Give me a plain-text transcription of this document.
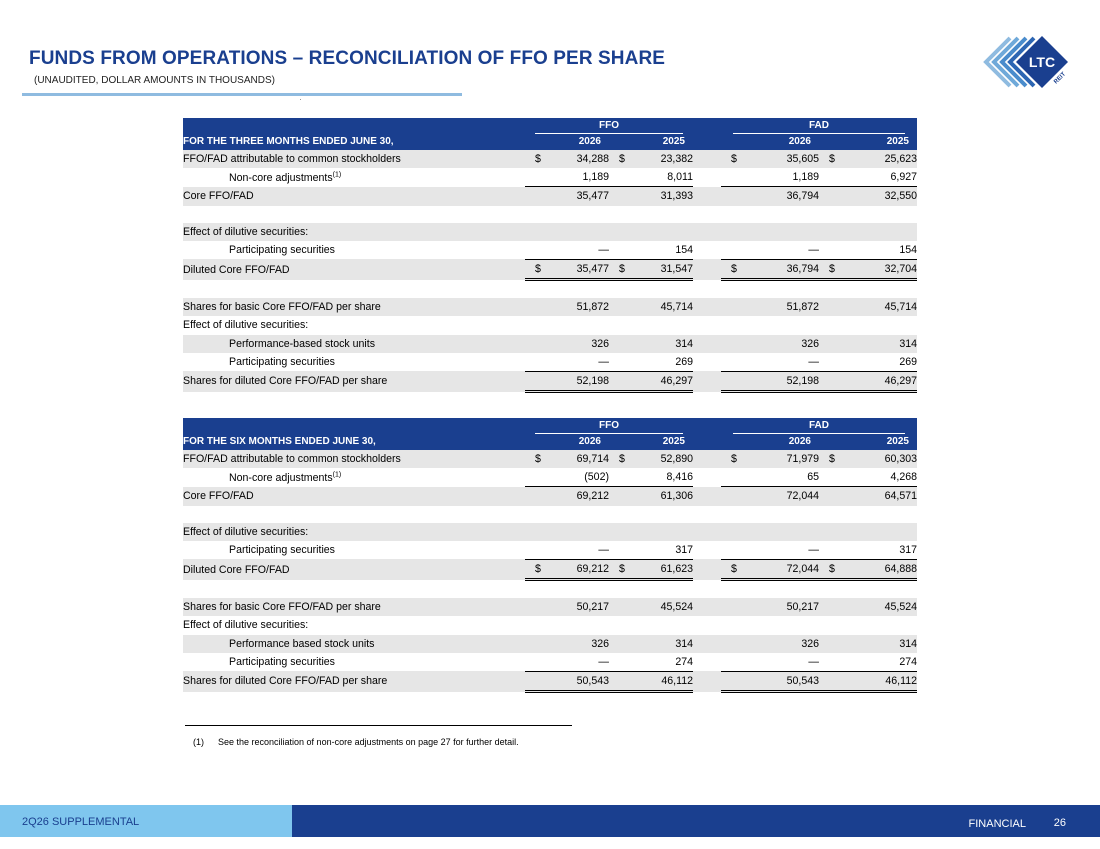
FUNDS FROM OPERATIONS – RECONCILIATION OF FFO PER SHARE

(UNAUDITED, DOLLAR AMOUNTS IN THOUSANDS)

LTC
REIT
	FFO			FAD	
FOR THE THREE MONTHS ENDED JUNE 30,	2026	2025		2026	2025
FFO/FAD attributable to common stockholders	$ 34,288	$ 23,382		$ 35,605	$ 25,623
Non-core adjustments$^{(1)}$	1,189	8,011		1,189	6,927
Core FFO/FAD	35,477	31,393		36,794	32,550

Effect of dilutive securities:					
Participating securities	—	154		—	154
Diluted Core FFO/FAD	$ 35,477	$ 31,547		$ 36,794	$ 32,704

Shares for basic Core FFO/FAD per share	51,872	45,714		51,872	45,714
Effect of dilutive securities:					
Performance-based stock units	326	314		326	314
Participating securities	—	269		—	269
Shares for diluted Core FFO/FAD per share	52,198	46,297		52,198	46,297
	FFO			FAD	
FOR THE SIX MONTHS ENDED JUNE 30,	2026	2025		2026	2025
FFO/FAD attributable to common stockholders	$ 69,714	$ 52,890		$ 71,979	$ 60,303
Non-core adjustments$^{(1)}$	(502)	8,416		65	4,268
Core FFO/FAD	69,212	61,306		72,044	64,571

Effect of dilutive securities:					
Participating securities	—	317		—	317
Diluted Core FFO/FAD	$ 69,212	$ 61,623		$ 72,044	$ 64,888

Shares for basic Core FFO/FAD per share	50,217	45,524		50,217	45,524
Effect of dilutive securities:					
Performance based stock units	326	314		326	314
Participating securities	—	274		—	274
Shares for diluted Core FFO/FAD per share	50,543	46,112		50,543	46,112

(1) See the reconciliation of non-core adjustments on page 27 for further detail.

2Q26 SUPPLEMENTAL	FINANCIAL	26
